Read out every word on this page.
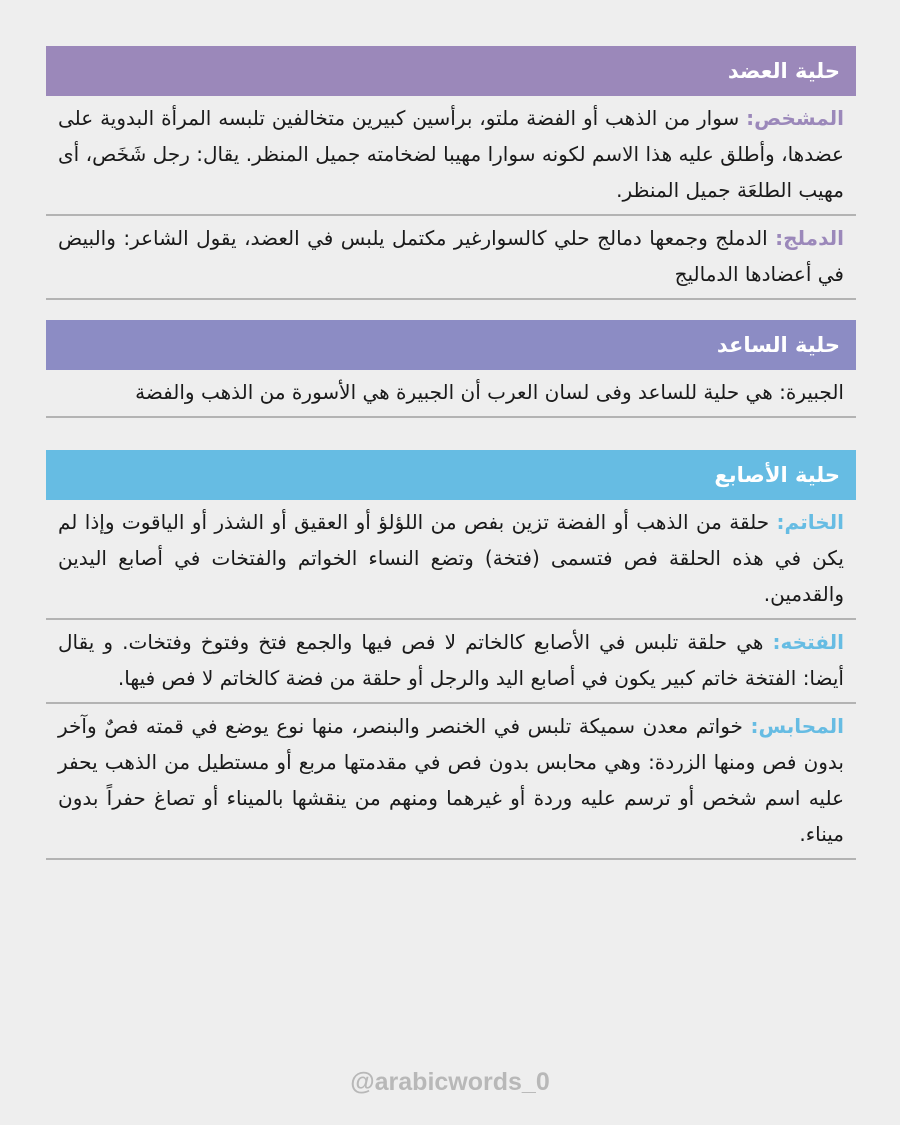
حلية العضد
المشخص: سوار من الذهب أو الفضة ملتو، برأسين كبيرين متخالفين تلبسه المرأة البدوية على عضدها، وأطلق عليه هذا الاسم لكونه سوارا مهيبا لضخامته جميل المنظر. يقال: رجل شَخَص، أى مهيب الطلعَة جميل المنظر.
الدملج: الدملج وجمعها دمالج حلي كالسوارغير مكتمل يلبس في العضد، يقول الشاعر: والبيض في أعضادها الدماليج
حلية الساعد
الجبيرة: هي حلية للساعد وفى لسان العرب أن الجبيرة هي الأسورة من الذهب والفضة
حلية الأصابع
الخاتم: حلقة من الذهب أو الفضة تزين بفص من اللؤلؤ أو العقيق أو الشذر أو الياقوت وإذا لم يكن في هذه الحلقة فص فتسمى (فتخة) وتضع النساء الخواتم والفتخات في أصابع اليدين والقدمين.
الفتخه: هي حلقة تلبس في الأصابع كالخاتم لا فص فيها والجمع فتخ وفتوخ وفتخات. و يقال أيضا: الفتخة خاتم كبير يكون في أصابع اليد والرجل أو حلقة من فضة كالخاتم لا فص فيها.
المحابس: خواتم معدن سميكة تلبس في الخنصر والبنصر، منها نوع يوضع في قمته فصٌ وآخر بدون فص ومنها الزردة: وهي محابس بدون فص في مقدمتها مربع أو مستطيل من الذهب يحفر عليه اسم شخص أو ترسم عليه وردة أو غيرهما ومنهم من ينقشها بالميناء أو تصاغ حفراً بدون ميناء.
@arabicwords_0
